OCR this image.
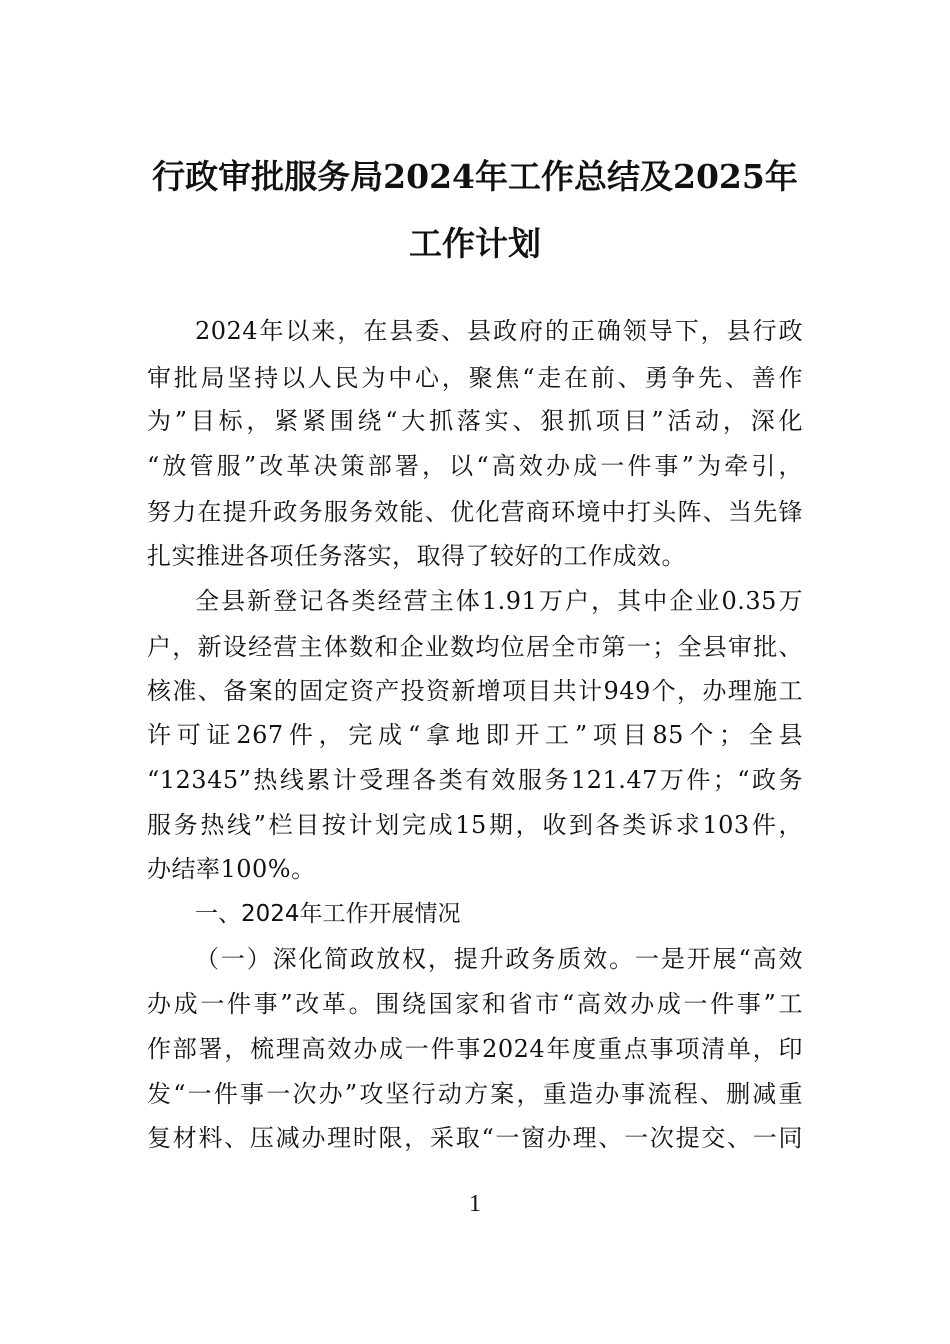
行政审批服务局2024年工作总结及2025年
工作计划
2024年以来，在县委、县政府的正确领导下，县行政
审批局坚持以人民为中心，聚焦“走在前、勇争先、善作
为”目标，紧紧围绕“大抓落实、狠抓项目”活动，深化
“放管服”改革决策部署，以“高效办成一件事”为牵引，
努力在提升政务服务效能、优化营商环境中打头阵、当先锋
扎实推进各项任务落实，取得了较好的工作成效。
全县新登记各类经营主体1.91万户，其中企业0.35万
户，新设经营主体数和企业数均位居全市第一；全县审批、
核准、备案的固定资产投资新增项目共计949个，办理施工
许可证267件，完成“拿地即开工”项目85个；全县
“12345”热线累计受理各类有效服务121.47万件；“政务
服务热线”栏目按计划完成15期，收到各类诉求103件，
办结率100%。
一、2024年工作开展情况
（一）深化简政放权，提升政务质效。一是开展“高效
办成一件事”改革。围绕国家和省市“高效办成一件事”工
作部署，梳理高效办成一件事2024年度重点事项清单，印
发“一件事一次办”攻坚行动方案，重造办事流程、删减重
复材料、压减办理时限，采取“一窗办理、一次提交、一同
1
